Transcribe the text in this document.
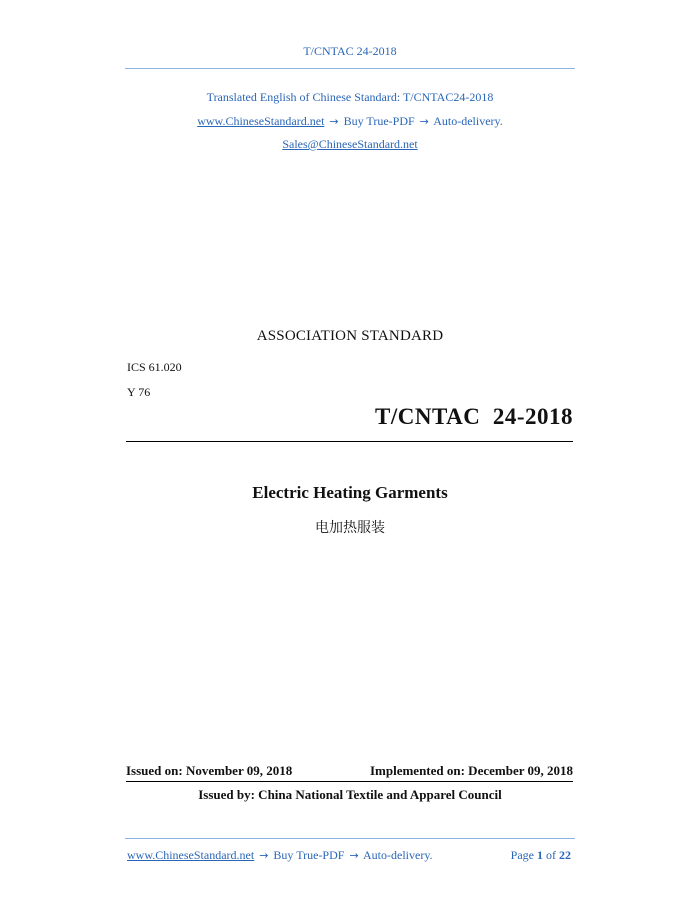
T/CNTAC 24-2018
Translated English of Chinese Standard: T/CNTAC24-2018
www.ChineseStandard.net → Buy True-PDF → Auto-delivery.
Sales@ChineseStandard.net
ASSOCIATION STANDARD
ICS 61.020
Y 76
T/CNTAC  24-2018
Electric Heating Garments
电加热服装
Issued on: November 09, 2018	Implemented on: December 09, 2018
Issued by: China National Textile and Apparel Council
www.ChineseStandard.net → Buy True-PDF → Auto-delivery.	Page 1 of 22
